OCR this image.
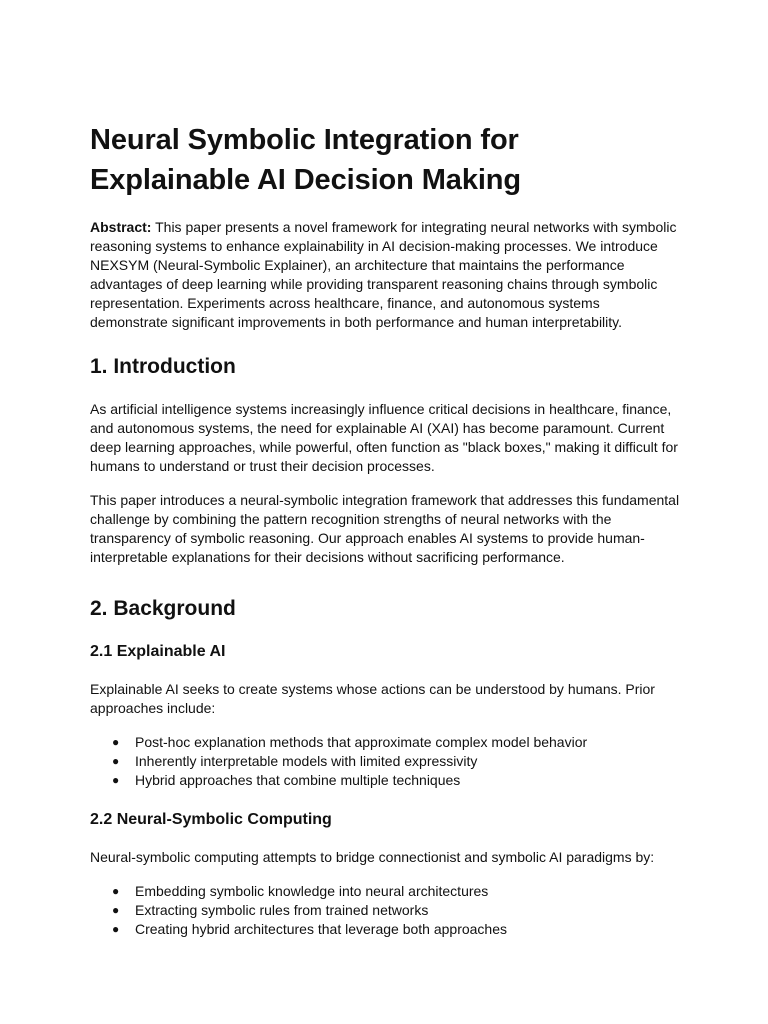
Neural Symbolic Integration for Explainable AI Decision Making

Abstract: This paper presents a novel framework for integrating neural networks with symbolic reasoning systems to enhance explainability in AI decision-making processes. We introduce NEXSYM (Neural-Symbolic Explainer), an architecture that maintains the performance advantages of deep learning while providing transparent reasoning chains through symbolic representation. Experiments across healthcare, finance, and autonomous systems demonstrate significant improvements in both performance and human interpretability.

1. Introduction

As artificial intelligence systems increasingly influence critical decisions in healthcare, finance, and autonomous systems, the need for explainable AI (XAI) has become paramount. Current deep learning approaches, while powerful, often function as "black boxes," making it difficult for humans to understand or trust their decision processes.

This paper introduces a neural-symbolic integration framework that addresses this fundamental challenge by combining the pattern recognition strengths of neural networks with the transparency of symbolic reasoning. Our approach enables AI systems to provide human-interpretable explanations for their decisions without sacrificing performance.

2. Background
2.1 Explainable AI

Explainable AI seeks to create systems whose actions can be understood by humans. Prior approaches include:

● Post-hoc explanation methods that approximate complex model behavior
● Inherently interpretable models with limited expressivity
● Hybrid approaches that combine multiple techniques
2.2 Neural-Symbolic Computing

Neural-symbolic computing attempts to bridge connectionist and symbolic AI paradigms by:

● Embedding symbolic knowledge into neural architectures
● Extracting symbolic rules from trained networks
● Creating hybrid architectures that leverage both approaches
